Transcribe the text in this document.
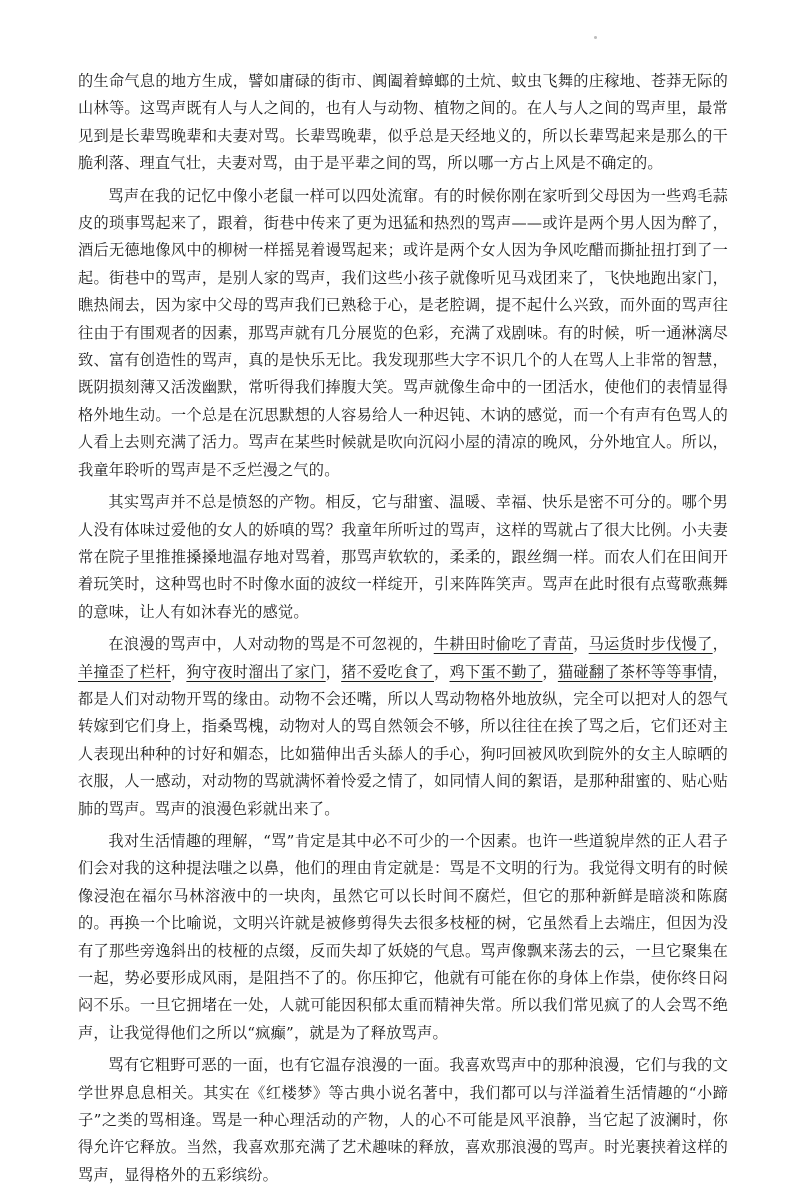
的生命气息的地方生成，譬如庸碌的街市、阗阖着蟑螂的土炕、蚊虫飞舞的庄稼地、苍莽无际的山林等。这骂声既有人与人之间的，也有人与动物、植物之间的。在人与人之间的骂声里，最常见到是长辈骂晚辈和夫妻对骂。长辈骂晚辈，似乎总是天经地义的，所以长辈骂起来是那么的干脆利落、理直气壮，夫妻对骂，由于是平辈之间的骂，所以哪一方占上风是不确定的。

骂声在我的记忆中像小老鼠一样可以四处流窜。有的时候你刚在家听到父母因为一些鸡毛蒜皮的琐事骂起来了，跟着，街巷中传来了更为迅猛和热烈的骂声——或许是两个男人因为醉了，酒后无德地像风中的柳树一样摇晃着谩骂起来；或许是两个女人因为争风吃醋而撕扯扭打到了一起。街巷中的骂声，是别人家的骂声，我们这些小孩子就像听见马戏团来了，飞快地跑出家门，瞧热闹去，因为家中父母的骂声我们已熟稔于心，是老腔调，提不起什么兴致，而外面的骂声往往由于有围观者的因素，那骂声就有几分展览的色彩，充满了戏剧味。有的时候，听一通淋漓尽致、富有创造性的骂声，真的是快乐无比。我发现那些大字不识几个的人在骂人上非常的智慧，既阴损刻薄又活泼幽默，常听得我们捧腹大笑。骂声就像生命中的一团活水，使他们的表情显得格外地生动。一个总是在沉思默想的人容易给人一种迟钝、木讷的感觉，而一个有声有色骂人的人看上去则充满了活力。骂声在某些时候就是吹向沉闷小屋的清凉的晚风，分外地宜人。所以，我童年聆听的骂声是不乏烂漫之气的。

其实骂声并不总是愤怒的产物。相反，它与甜蜜、温暖、幸福、快乐是密不可分的。哪个男人没有体味过爱他的女人的娇嗔的骂？我童年所听过的骂声，这样的骂就占了很大比例。小夫妻常在院子里推推搡搡地温存地对骂着，那骂声软软的，柔柔的，跟丝绸一样。而农人们在田间开着玩笑时，这种骂也时不时像水面的波纹一样绽开，引来阵阵笑声。骂声在此时很有点莺歌燕舞的意味，让人有如沐春光的感觉。

在浪漫的骂声中，人对动物的骂是不可忽视的，牛耕田时偷吃了青苗，马运货时步伐慢了，羊撞歪了栏杆，狗守夜时溜出了家门，猪不爱吃食了，鸡下蛋不勤了，猫碰翻了茶杯等等事情，都是人们对动物开骂的缘由。动物不会还嘴，所以人骂动物格外地放纵，完全可以把对人的怨气转嫁到它们身上，指桑骂槐，动物对人的骂自然领会不够，所以往往在挨了骂之后，它们还对主人表现出种种的讨好和媚态，比如猫伸出舌头舔人的手心，狗叼回被风吹到院外的女主人晾晒的衣服，人一感动，对动物的骂就满怀着怜爱之情了，如同情人间的絮语，是那种甜蜜的、贴心贴肺的骂声。骂声的浪漫色彩就出来了。

我对生活情趣的理解，“骂”肯定是其中必不可少的一个因素。也许一些道貌岸然的正人君子们会对我的这种提法嗤之以鼻，他们的理由肯定就是：骂是不文明的行为。我觉得文明有的时候像浸泡在福尔马林溶液中的一块肉，虽然它可以长时间不腐烂，但它的那种新鲜是暗淡和陈腐的。再换一个比喻说，文明兴许就是被修剪得失去很多枝桠的树，它虽然看上去端庄，但因为没有了那些旁逸斜出的枝桠的点缀，反而失却了妖娆的气息。骂声像飘来荡去的云，一旦它聚集在一起，势必要形成风雨，是阻挡不了的。你压抑它，他就有可能在你的身体上作祟，使你终日闷闷不乐。一旦它拥堵在一处，人就可能因积郁太重而精神失常。所以我们常见疯了的人会骂不绝声，让我觉得他们之所以“疯癫”，就是为了释放骂声。

骂有它粗野可恶的一面，也有它温存浪漫的一面。我喜欢骂声中的那种浪漫，它们与我的文学世界息息相关。其实在《红楼梦》等古典小说名著中，我们都可以与洋溢着生活情趣的“小蹄子”之类的骂相逢。骂是一种心理活动的产物，人的心不可能是风平浪静，当它起了波澜时，你得允许它释放。当然，我喜欢那充满了艺术趣味的释放，喜欢那浪漫的骂声。时光裹挟着这样的骂声，显得格外的五彩缤纷。
